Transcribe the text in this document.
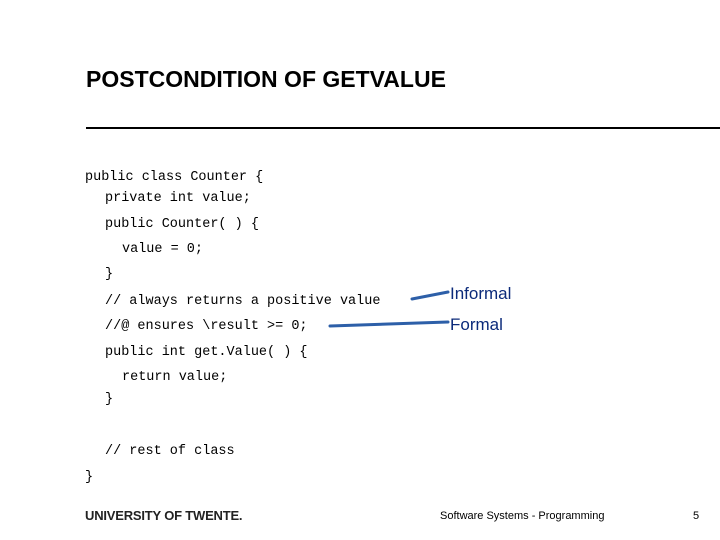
POSTCONDITION OF GETVALUE
public class Counter {
private int value;
public Counter( ) {
value = 0;
}
// always returns a positive value
//@ ensures \result >= 0;
public int get.Value( ) {
return value;
}
// rest of class
}
Informal
Formal
UNIVERSITY OF TWENTE.	Software Systems - Programming	5
